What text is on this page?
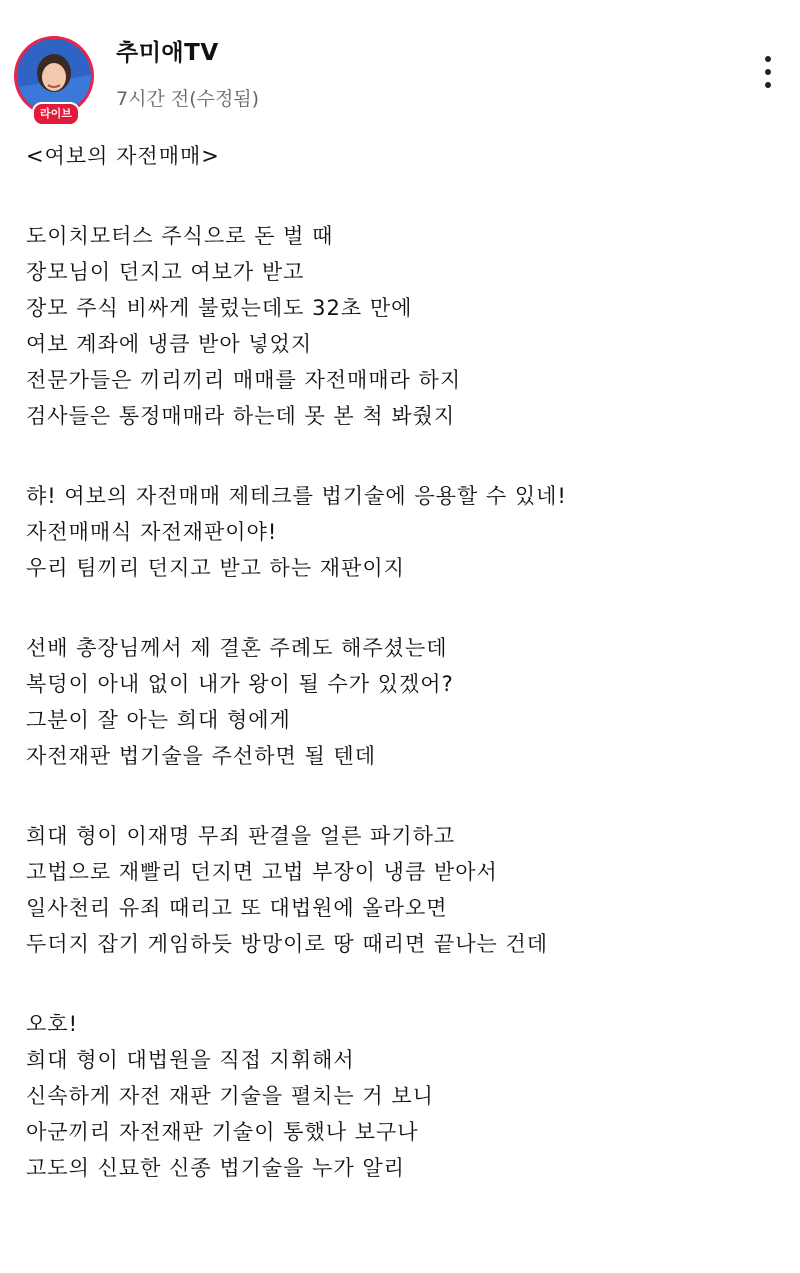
라이브
추미애TV
7시간 전(수정됨)
<여보의 자전매매>
도이치모터스 주식으로 돈 벌 때
장모님이 던지고 여보가 받고
장모 주식 비싸게 불렀는데도 32초 만에
여보 계좌에 냉큼 받아 넣었지
전문가들은 끼리끼리 매매를 자전매매라 하지
검사들은 통정매매라 하는데 못 본 척 봐줬지
햐! 여보의 자전매매 제테크를 법기술에 응용할 수 있네!
자전매매식 자전재판이야!
우리 팀끼리 던지고 받고 하는 재판이지
선배 총장님께서 제 결혼 주례도 해주셨는데
복덩이 아내 없이 내가 왕이 될 수가 있겠어?
그분이 잘 아는 희대 형에게
자전재판 법기술을 주선하면 될 텐데
희대 형이 이재명 무죄 판결을 얼른 파기하고
고법으로 재빨리 던지면 고법 부장이 냉큼 받아서
일사천리 유죄 때리고 또 대법원에 올라오면
두더지 잡기 게임하듯 방망이로 땅 때리면 끝나는 건데
오호!
희대 형이 대법원을 직접 지휘해서
신속하게 자전 재판 기술을 펼치는 거 보니
아군끼리 자전재판 기술이 통했나 보구나
고도의 신묘한 신종 법기술을 누가 알리
